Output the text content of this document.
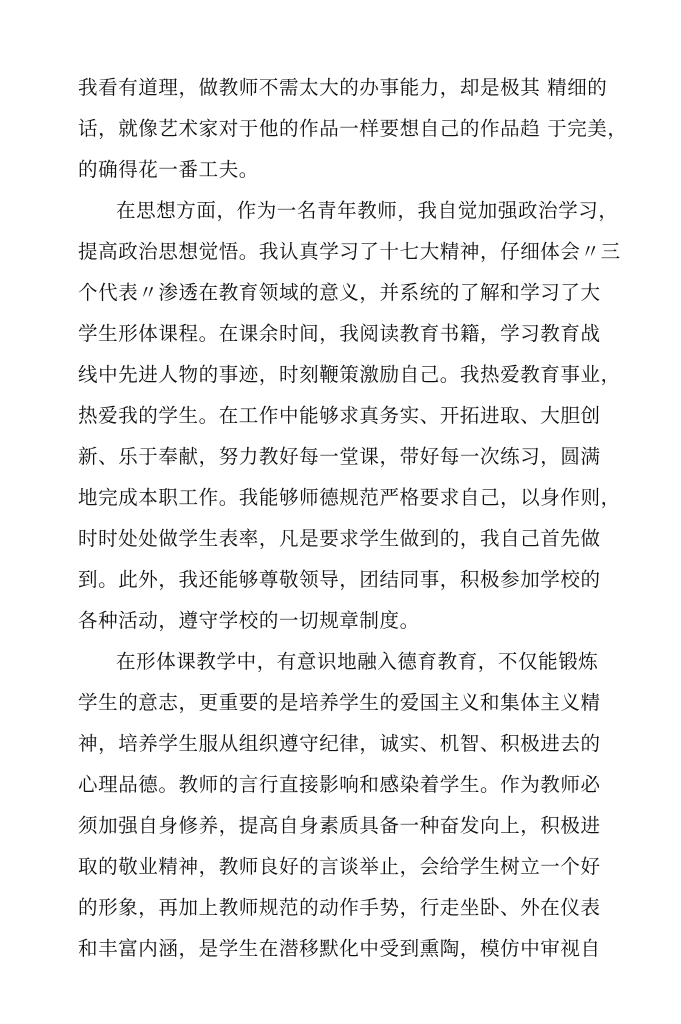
我看有道理，做教师不需太大的办事能力，却是极其 精细的
话，就像艺术家对于他的作品一样要想自己的作品趋 于完美，
的确得花一番工夫。
在思想方面，作为一名青年教师，我自觉加强政治学习，
提高政治思想觉悟。我认真学习了十七大精神，仔细体会〃三
个代表〃渗透在教育领域的意义，并系统的了解和学习了大
学生形体课程。在课余时间，我阅读教育书籍，学习教育战
线中先进人物的事迹，时刻鞭策激励自己。我热爱教育事业，
热爱我的学生。在工作中能够求真务实、开拓进取、大胆创
新、乐于奉献，努力教好每一堂课，带好每一次练习，圆满
地完成本职工作。我能够师德规范严格要求自己，以身作则，
时时处处做学生表率，凡是要求学生做到的，我自己首先做
到。此外，我还能够尊敬领导，团结同事，积极参加学校的
各种活动，遵守学校的一切规章制度。
在形体课教学中，有意识地融入德育教育，不仅能锻炼
学生的意志，更重要的是培养学生的爱国主义和集体主义精
神，培养学生服从组织遵守纪律，诚实、机智、积极进去的
心理品德。教师的言行直接影响和感染着学生。作为教师必
须加强自身修养，提高自身素质具备一种奋发向上，积极进
取的敬业精神，教师良好的言谈举止，会给学生树立一个好
的形象，再加上教师规范的动作手势，行走坐卧、外在仪表
和丰富内涵，是学生在潜移默化中受到熏陶，模仿中审视自
